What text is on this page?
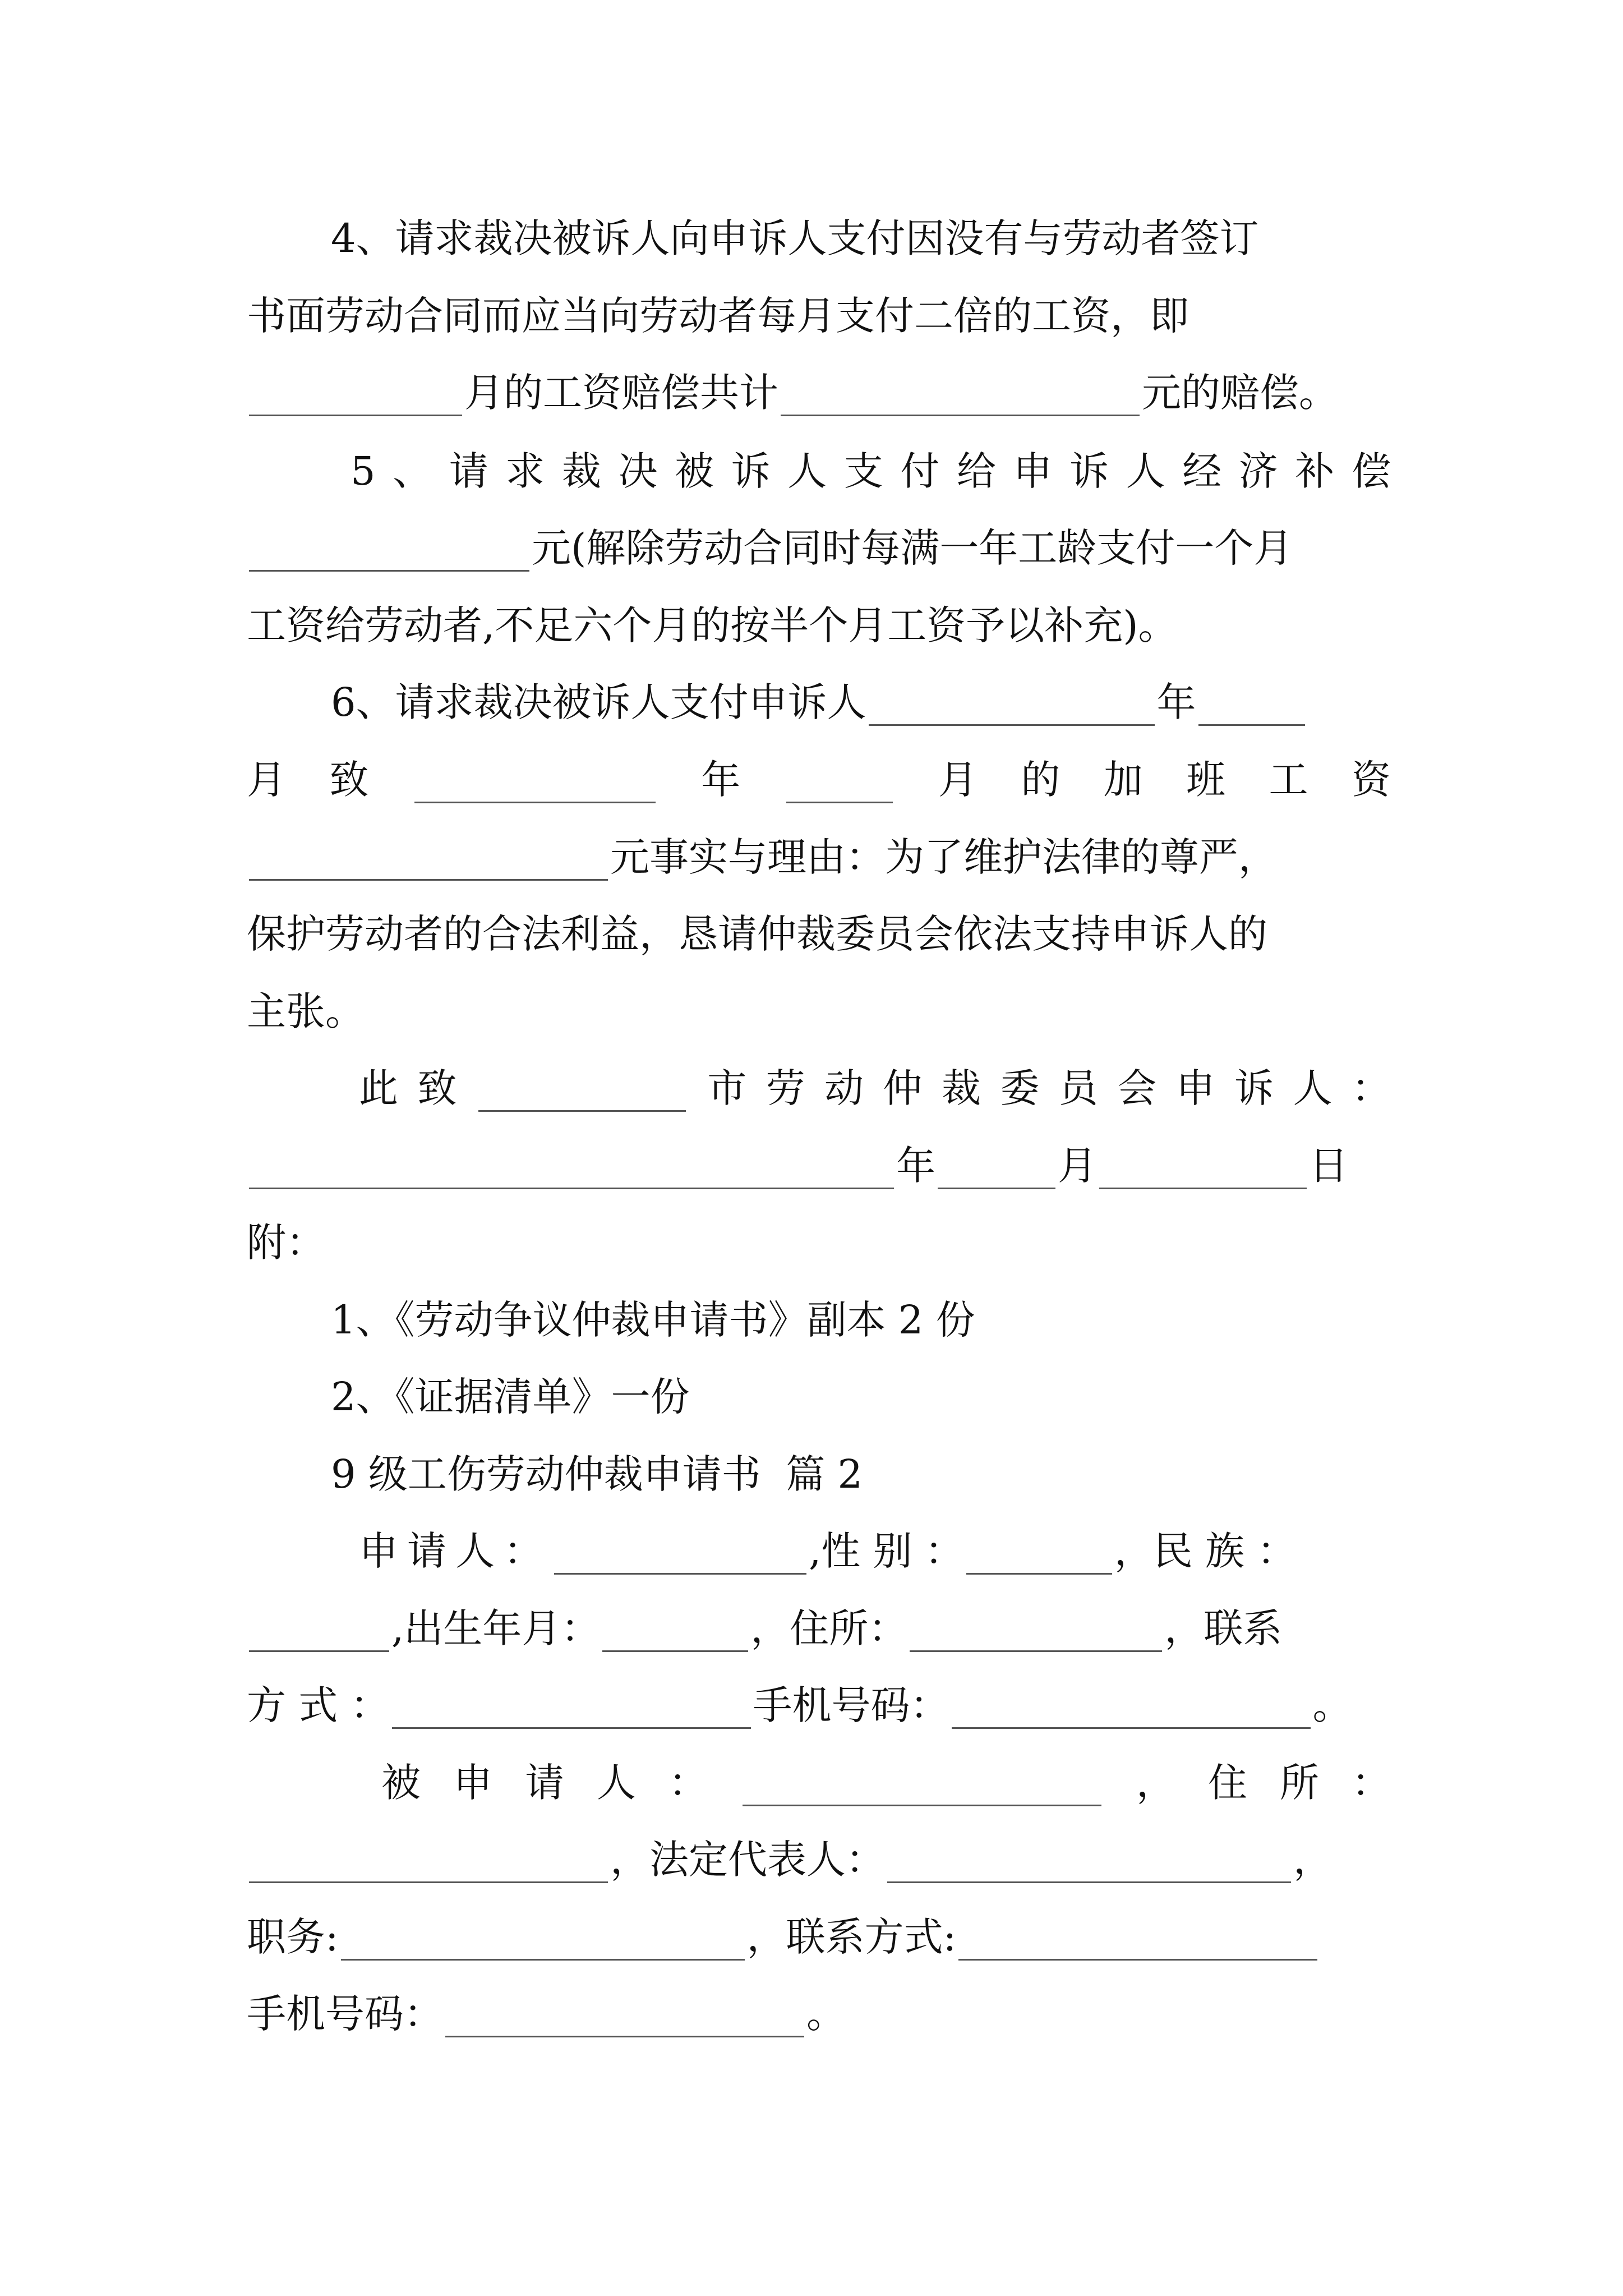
4、请求裁决被诉人向申诉人支付因没有与劳动者签订
书面劳动合同而应当向劳动者每月支付二倍的工资，即
月的工资赔偿共计	元的赔偿。
5 、 请 求 裁 决 被 诉 人 支 付 给 申 诉 人 经 济 补 偿
元(解除劳动合同时每满一年工龄支付一个月
工资给劳动者,不足六个月的按半个月工资予以补充)。
6、请求裁决被诉人支付申诉人	年
月 致	年	月 的 加 班 工 资
元事实与理由：为了维护法律的尊严，
保护劳动者的合法利益，恳请仲裁委员会依法支持申诉人的
主张。
此 致	市 劳 动 仲 裁 委 员 会 申 诉 人 ：
年	月	日
附：
1、《劳动争议仲裁申请书》副本 2 份
2、《证据清单》一份
9 级工伤劳动仲裁申请书  篇 2
申请人：	,性 别 ：	，民 族 ：
,出生年月：	，住所：	，联系
方 式 ：	手机号码：	。
被 申 请 人 ：	， 住 所 ：
，法定代表人：	，
职务:	，联系方式:
手机号码：	。
